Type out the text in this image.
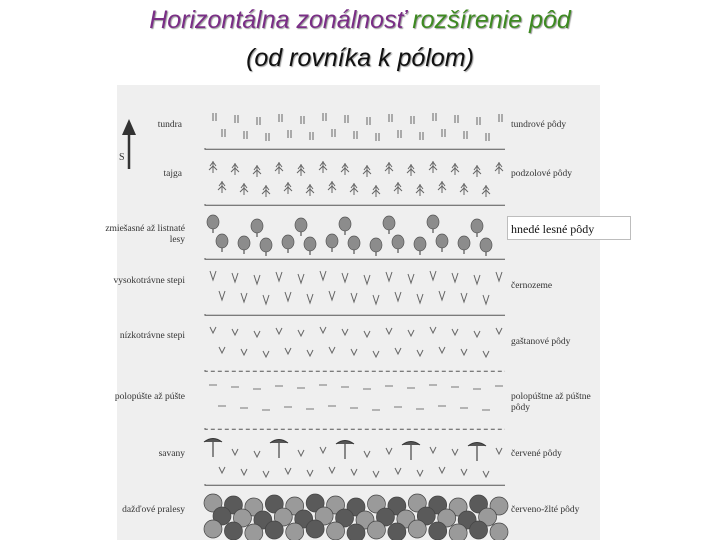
Horizontálna zonálnosť rozšírenie pôd
(od rovníka k pólom)
S
tundra
tajga
zmiešasné až listnaté lesy
vysokotrávne stepi
nízkotrávne stepi
polopúšte až púšte
savany
dažďové pralesy
tundrové pôdy
podzolové pôdy
černozeme
gaštanové pôdy
polopúštne až púštne pôdy
červené pôdy
červeno-žlté pôdy
hnedé lesné pôdy
